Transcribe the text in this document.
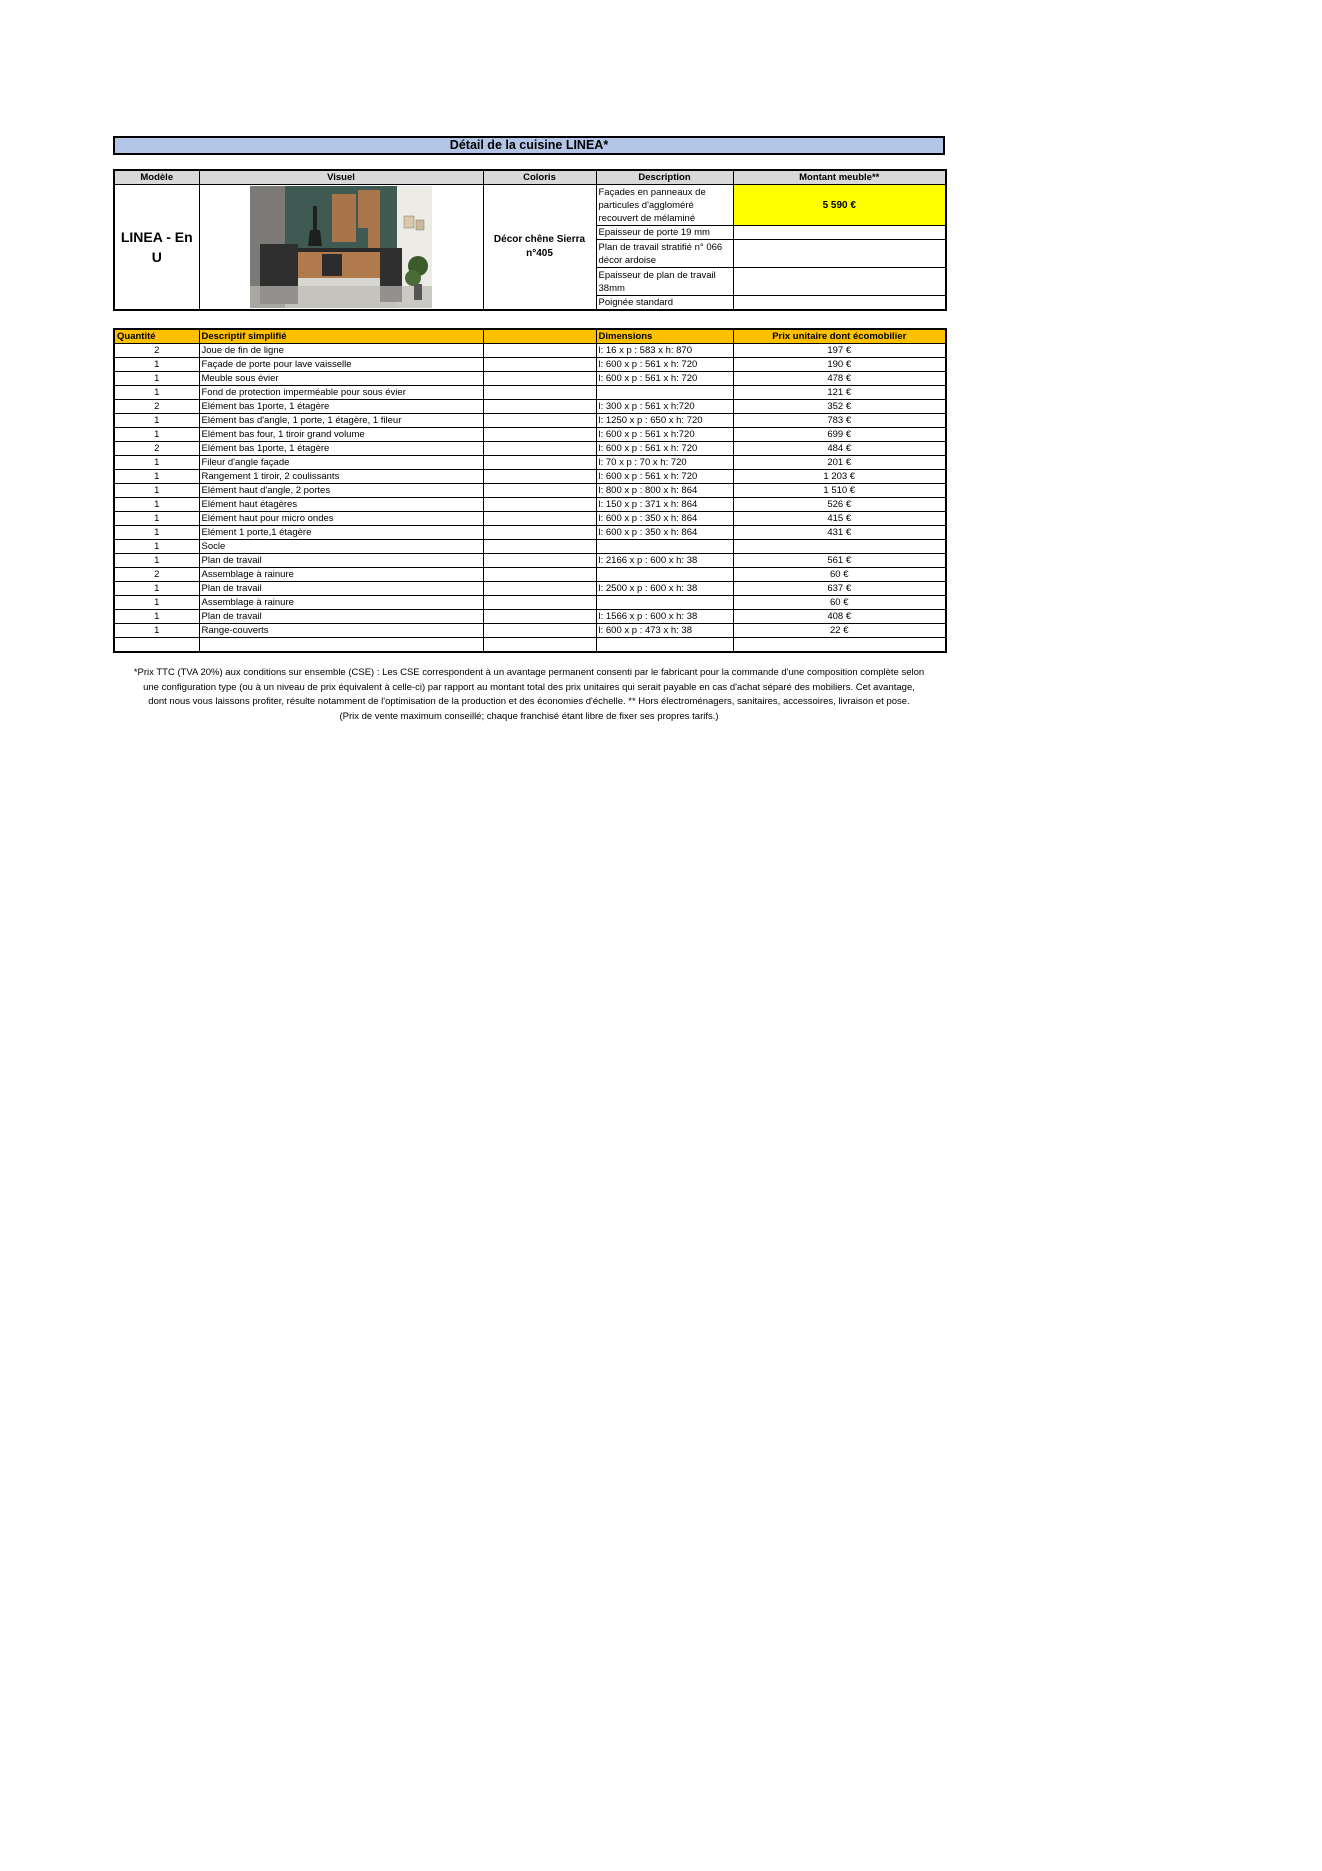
Détail de la cuisine LINEA*
Modèle	Visuel	Coloris	Description	Montant meuble**
LINEA - En U		Décor chêne Sierra n°405	Façades en panneaux de particules d'aggloméré recouvert de mélaminé	5 590 €
			Epaisseur de porte 19 mm	
			Plan de travail stratifié n° 066 décor ardoise	
			Epaisseur de plan de travail 38mm	
			Poignée standard	
Quantité	Descriptif simplifié		Dimensions	Prix unitaire dont écomobilier
2	Joue de fin de ligne		l: 16 x p : 583 x h: 870	197 €
1	Façade de porte pour lave vaisselle		l: 600 x p : 561 x h: 720	190 €
1	Meuble sous évier		l: 600 x p : 561 x h: 720	478 €
1	Fond de protection imperméable pour sous évier			121 €
2	Elément bas 1porte, 1 étagère		l: 300 x p : 561 x h:720	352 €
1	Elément bas d'angle, 1 porte, 1 étagère, 1 fileur		l: 1250 x p : 650 x h: 720	783 €
1	Elément bas four, 1 tiroir grand volume		l: 600 x p : 561 x h:720	699 €
2	Elément bas 1porte, 1 étagère		l: 600 x p : 561 x h: 720	484 €
1	Fileur d'angle façade		l: 70 x p : 70 x h: 720	201 €
1	Rangement 1 tiroir, 2 coulissants		l: 600 x p : 561 x h: 720	1 203 €
1	Elément haut d'angle, 2 portes		l: 800 x p : 800 x h: 864	1 510 €
1	Elément haut étagères		l: 150 x p : 371 x h: 864	526 €
1	Elément haut pour micro ondes		l: 600 x p : 350 x h: 864	415 €
1	Elément 1 porte,1 étagère		l: 600 x p : 350 x h: 864	431 €
1	Socle			
1	Plan de travail		l: 2166 x p : 600 x h: 38	561 €
2	Assemblage à rainure			60 €
1	Plan de travail		l: 2500 x p : 600 x h: 38	637 €
1	Assemblage à rainure			60 €
1	Plan de travail		l: 1566 x p : 600 x h: 38	408 €
1	Range-couverts		l: 600 x p : 473 x h: 38	22 €

*Prix TTC (TVA 20%) aux conditions sur ensemble (CSE) : Les CSE correspondent à un avantage permanent consenti par le fabricant pour la commande d'une composition complète selon
une configuration type (ou à un niveau de prix équivalent à celle-ci) par rapport au montant total des prix unitaires qui serait payable en cas d'achat séparé des mobiliers. Cet avantage,
dont nous vous laissons profiter, résulte notamment de l'optimisation de la production et des économies d'échelle. ** Hors électroménagers, sanitaires, accessoires, livraison et pose.
(Prix de vente maximum conseillé; chaque franchisé étant libre de fixer ses propres tarifs.)
